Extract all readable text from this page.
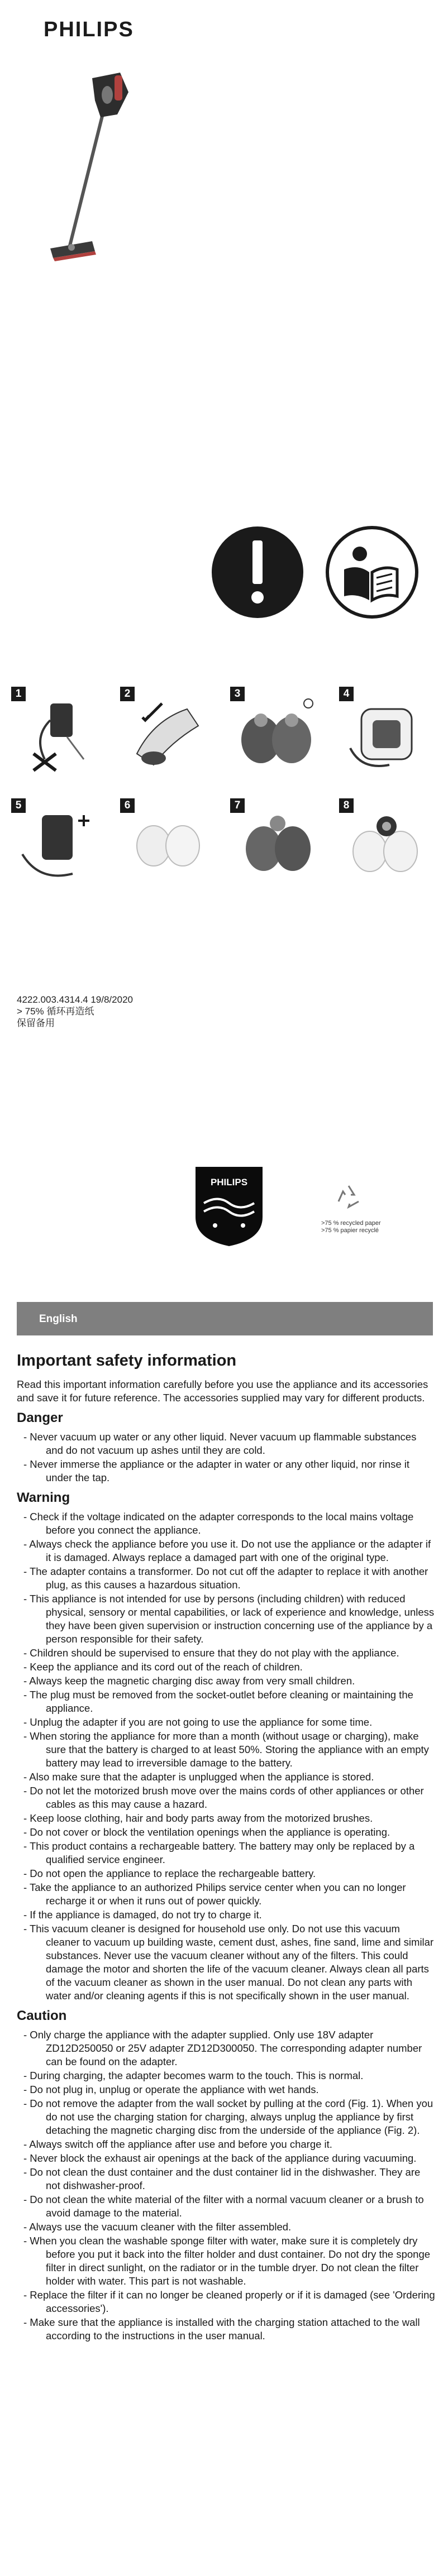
PHILIPS
1	2	3	4
5	6	7	8
4222.003.4314.4 19/8/2020
> 75% 循环再造纸
保留备用
PHILIPS
>75 % recycled paper
>75 % papier recyclé
English
Important safety information

Read this important information carefully before you use the appliance and its accessories and save it for future reference. The accessories supplied may vary for different products.

Danger
- Never vacuum up water or any other liquid. Never vacuum up flammable substances and do not vacuum up ashes until they are cold.
- Never immerse the appliance or the adapter in water or any other liquid, nor rinse it under the tap.
Warning
- Check if the voltage indicated on the adapter corresponds to the local mains voltage before you connect the appliance.
- Always check the appliance before you use it. Do not use the appliance or the adapter if it is damaged. Always replace a damaged part with one of the original type.
- The adapter contains a transformer. Do not cut off the adapter to replace it with another plug, as this causes a hazardous situation.
- This appliance is not intended for use by persons (including children) with reduced physical, sensory or mental capabilities, or lack of experience and knowledge, unless they have been given supervision or instruction concerning use of the appliance by a person responsible for their safety.
- Children should be supervised to ensure that they do not play with the appliance.
- Keep the appliance and its cord out of the reach of children.
- Always keep the magnetic charging disc away from very small children.
- The plug must be removed from the socket-outlet before cleaning or maintaining the appliance.
- Unplug the adapter if you are not going to use the appliance for some time.
- When storing the appliance for more than a month (without usage or charging), make sure that the battery is charged to at least 50%. Storing the appliance with an empty battery may lead to irreversible damage to the battery.
- Also make sure that the adapter is unplugged when the appliance is stored.
- Do not let the motorized brush move over the mains cords of other appliances or other cables as this may cause a hazard.
- Keep loose clothing, hair and body parts away from the motorized brushes.
- Do not cover or block the ventilation openings when the appliance is operating.
- This product contains a rechargeable battery. The battery may only be replaced by a qualified service engineer.
- Do not open the appliance to replace the rechargeable battery.
- Take the appliance to an authorized Philips service center when you can no longer recharge it or when it runs out of power quickly.
- If the appliance is damaged, do not try to charge it.
- This vacuum cleaner is designed for household use only. Do not use this vacuum cleaner to vacuum up building waste, cement dust, ashes, fine sand, lime and similar substances. Never use the vacuum cleaner without any of the filters. This could damage the motor and shorten the life of the vacuum cleaner. Always clean all parts of the vacuum cleaner as shown in the user manual. Do not clean any parts with water and/or cleaning agents if this is not specifically shown in the user manual.
Caution
- Only charge the appliance with the adapter supplied. Only use 18V adapter ZD12D250050 or 25V adapter ZD12D300050. The corresponding adapter number can be found on the adapter.
- During charging, the adapter becomes warm to the touch. This is normal.
- Do not plug in, unplug or operate the appliance with wet hands.
- Do not remove the adapter from the wall socket by pulling at the cord (Fig. 1). When you do not use the charging station for charging, always unplug the appliance by first detaching the magnetic charging disc from the underside of the appliance (Fig. 2).
- Always switch off the appliance after use and before you charge it.
- Never block the exhaust air openings at the back of the appliance during vacuuming.
- Do not clean the dust container and the dust container lid in the dishwasher. They are not dishwasher-proof.
- Do not clean the white material of the filter with a normal vacuum cleaner or a brush to avoid damage to the material.
- Always use the vacuum cleaner with the filter assembled.
- When you clean the washable sponge filter with water, make sure it is completely dry before you put it back into the filter holder and dust container. Do not dry the sponge filter in direct sunlight, on the radiator or in the tumble dryer. Do not clean the filter holder with water. This part is not washable.
- Replace the filter if it can no longer be cleaned properly or if it is damaged (see 'Ordering accessories').
- Make sure that the appliance is installed with the charging station attached to the wall according to the instructions in the user manual.
